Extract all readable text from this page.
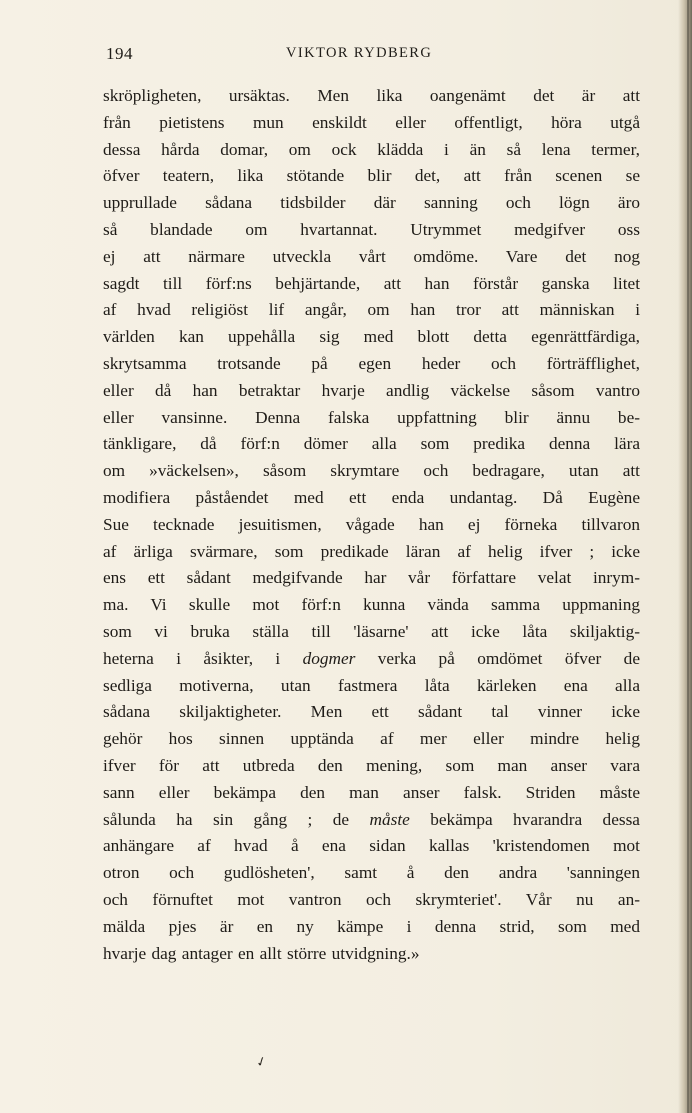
194	VIKTOR RYDBERG
skröpligheten, ursäktas. Men lika oangenämt det är att
från pietistens mun enskildt eller offentligt, höra utgå
dessa hårda domar, om ock klädda i än så lena termer,
öfver teatern, lika stötande blir det, att från scenen se
upprullade sådana tidsbilder där sanning och lögn äro
så blandade om hvartannat. Utrymmet medgifver oss
ej att närmare utveckla vårt omdöme. Vare det nog
sagdt till förf:ns behjärtande, att han förstår ganska litet
af hvad religiöst lif angår, om han tror att människan i
världen kan uppehålla sig med blott detta egenrättfärdiga,
skrytsamma trotsande på egen heder och förträfflighet,
eller då han betraktar hvarje andlig väckelse såsom vantro
eller vansinne. Denna falska uppfattning blir ännu be-
tänkligare, då förf:n dömer alla som predika denna lära
om »väckelsen», såsom skrymtare och bedragare, utan att
modifiera påståendet med ett enda undantag. Då Eugène
Sue tecknade jesuitismen, vågade han ej förneka tillvaron
af ärliga svärmare, som predikade läran af helig ifver ; icke
ens ett sådant medgifvande har vår författare velat inrym-
ma. Vi skulle mot förf:n kunna vända samma uppmaning
som vi bruka ställa till 'läsarne' att icke låta skiljaktig-
heterna i åsikter, i dogmer verka på omdömet öfver de
sedliga motiverna, utan fastmera låta kärleken ena alla
sådana skiljaktigheter. Men ett sådant tal vinner icke
gehör hos sinnen upptända af mer eller mindre helig
ifver för att utbreda den mening, som man anser vara
sann eller bekämpa den man anser falsk. Striden måste
sålunda ha sin gång ; de måste bekämpa hvarandra dessa
anhängare af hvad å ena sidan kallas 'kristendomen mot
otron och gudlösheten', samt å den andra 'sanningen
och förnuftet mot vantron och skrymteriet'. Vår nu an-
mälda pjes är en ny kämpe i denna strid, som med
hvarje dag antager en allt större utvidgning.»
✓
